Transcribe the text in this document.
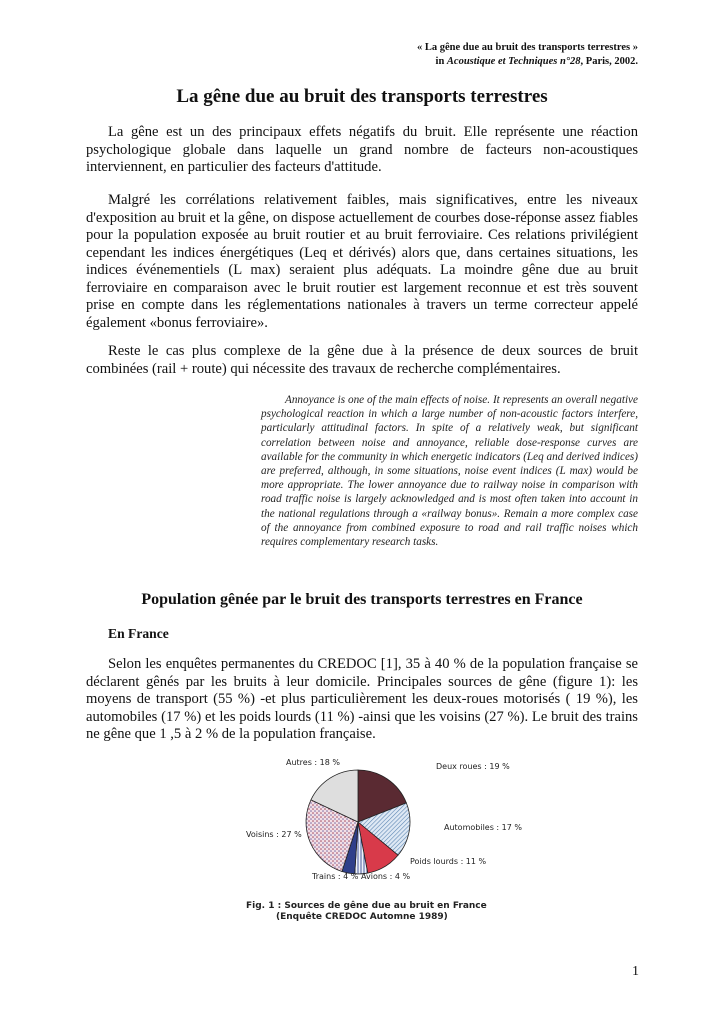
« La gêne due au bruit des transports terrestres »
in Acoustique et Techniques n°28, Paris, 2002.
La gêne due au bruit des transports terrestres

La gêne est un des principaux effets négatifs du bruit. Elle représente une réaction psychologique globale dans laquelle un grand nombre de facteurs non-acoustiques interviennent, en particulier des facteurs d'attitude.

Malgré les corrélations relativement faibles, mais significatives, entre les niveaux d'exposition au bruit et la gêne, on dispose actuellement de courbes dose-réponse assez fiables pour la population exposée au bruit routier et au bruit ferroviaire. Ces relations privilégient cependant les indices énergétiques (Leq et dérivés) alors que, dans certaines situations, les indices événementiels (L max) seraient plus adéquats. La moindre gêne due au bruit ferroviaire en comparaison avec le bruit routier est largement reconnue et est très souvent prise en compte dans les réglementations nationales à travers un terme correcteur appelé également «bonus ferroviaire».

Reste le cas plus complexe de la gêne due à la présence de deux sources de bruit combinées (rail + route) qui nécessite des travaux de recherche complémentaires.

Annoyance is one of the main effects of noise. It represents an overall negative psychological reaction in which a large number of non-acoustic factors interfere, particularly attitudinal factors. In spite of a relatively weak, but significant correlation between noise and annoyance, reliable dose-response curves are available for the community in which energetic indicators (Leq and derived indices) are preferred, although, in some situations, noise event indices (L max) would be more appropriate. The lower annoyance due to railway noise in comparison with road traffic noise is largely acknowledged and is most often taken into account in the national regulations through a «railway bonus». Remain a more complex case of the annoyance from combined exposure to road and rail traffic noises which requires complementary research tasks.

Population gênée par le bruit des transports terrestres en France
En France

Selon les enquêtes permanentes du CREDOC [1], 35 à 40 % de la population française se déclarent gênés par les bruits à leur domicile. Principales sources de gêne (figure 1): les moyens de transport (55 %) -et plus particulièrement les deux-roues motorisés ( 19 %), les automobiles (17 %) et les poids lourds (11 %) -ainsi que les voisins (27 %). Le bruit des trains ne gêne que 1 ,5 à 2 % de la population française.

Deux roues : 19 %
Automobiles : 17 %
Poids lourds : 11 %
Avions : 4 %
Trains : 4 %
Voisins : 27 %
Autres : 18 %
Fig. 1 : Sources de gêne due au bruit en France
(Enquête CREDOC Automne 1989)
1
